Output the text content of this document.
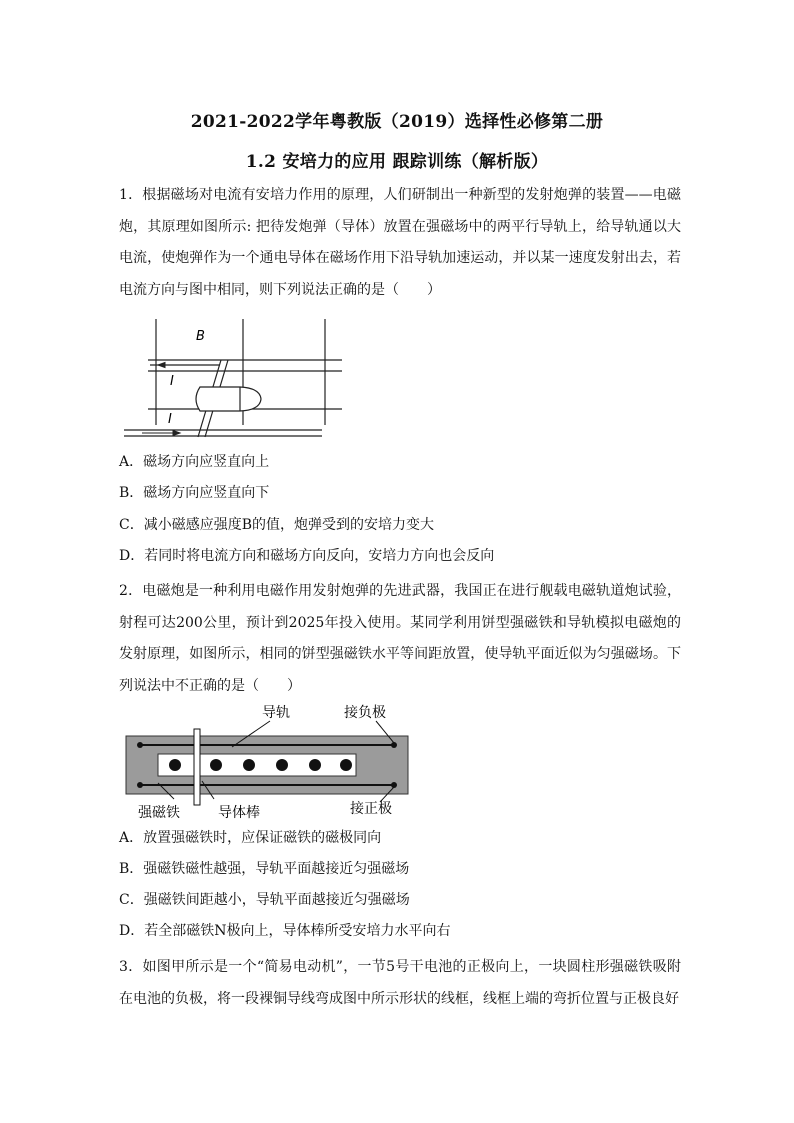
2021-2022学年粤教版（2019）选择性必修第二册
1.2 安培力的应用 跟踪训练（解析版）
1．根据磁场对电流有安培力作用的原理，人们研制出一种新型的发射炮弹的装置——电磁炮，其原理如图所示: 把待发炮弹（导体）放置在强磁场中的两平行导轨上，给导轨通以大电流，使炮弹作为一个通电导体在磁场作用下沿导轨加速运动，并以某一速度发射出去，若电流方向与图中相同，则下列说法正确的是（　　）
B
I
I
A．磁场方向应竖直向上
B．磁场方向应竖直向下
C．减小磁感应强度B的值，炮弹受到的安培力变大
D．若同时将电流方向和磁场方向反向，安培力方向也会反向
2．电磁炮是一种利用电磁作用发射炮弹的先进武器，我国正在进行舰载电磁轨道炮试验，射程可达200公里，预计到2025年投入使用。某同学利用饼型强磁铁和导轨模拟电磁炮的发射原理，如图所示，相同的饼型强磁铁水平等间距放置，使导轨平面近似为匀强磁场。下列说法中不正确的是（　　）
导轨	接负极
强磁铁	导体棒	接正极
A．放置强磁铁时，应保证磁铁的磁极同向
B．强磁铁磁性越强，导轨平面越接近匀强磁场
C．强磁铁间距越小，导轨平面越接近匀强磁场
D．若全部磁铁N极向上，导体棒所受安培力水平向右
3．如图甲所示是一个“简易电动机”，一节5号干电池的正极向上，一块圆柱形强磁铁吸附在电池的负极，将一段裸铜导线弯成图中所示形状的线框，线框上端的弯折位置与正极良好
